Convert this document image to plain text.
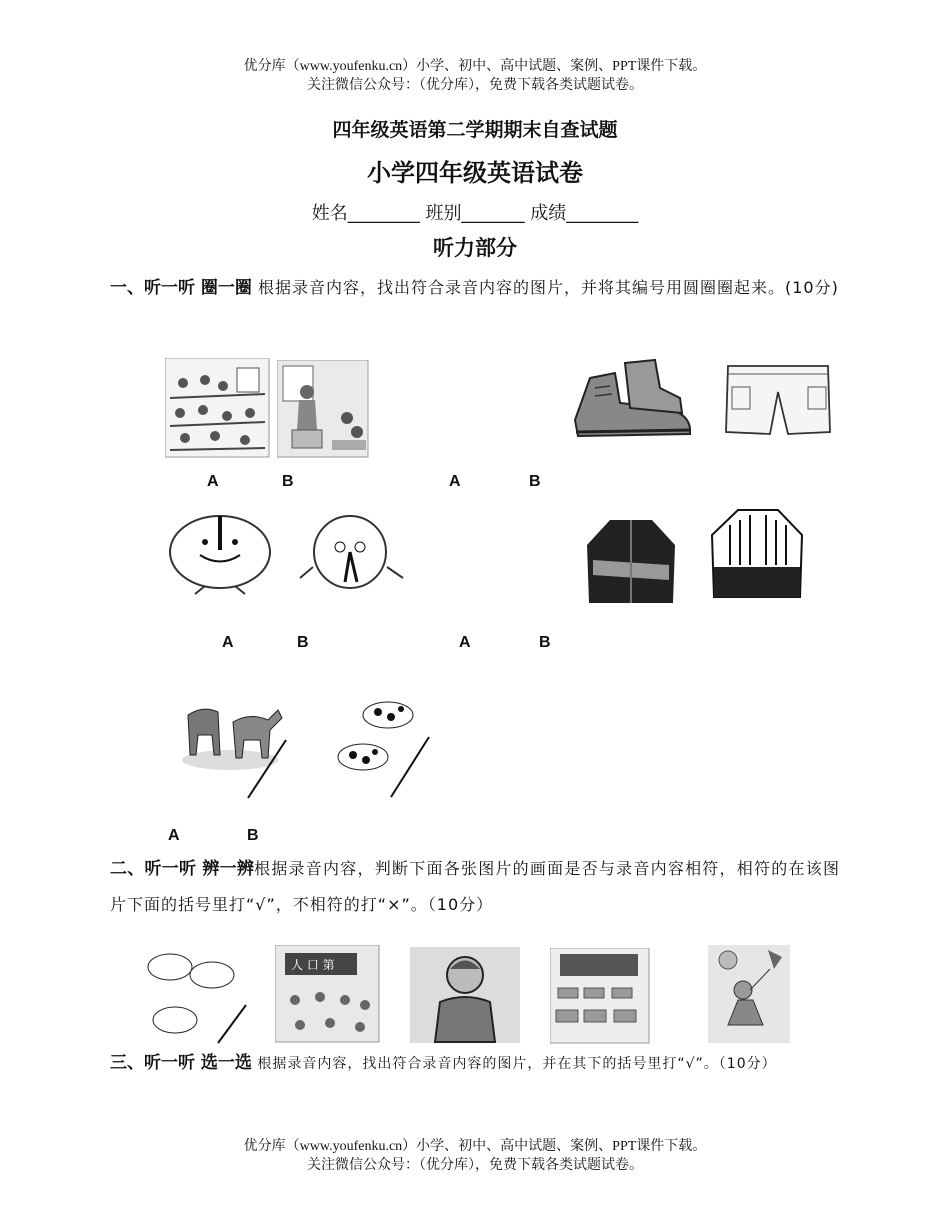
优分库（www.youfenku.cn）小学、初中、高中试题、案例、PPT课件下载。
关注微信公众号：（优分库），免费下载各类试题试卷。
四年级英语第二学期期末自查试题
小学四年级英语试卷
姓名________ 班别_______ 成绩________
听力部分
一、听一听 圈一圈 根据录音内容，找出符合录音内容的图片，并将其编号用圆圈圈起来。(10分)
A	B	A	B
A	B	A	B
A	B
二、听一听 辨一辨根据录音内容，判断下面各张图片的画面是否与录音内容相符，相符的在该图片下面的括号里打“√”，不相符的打“×”。（10分）
人 口 第
三、听一听 选一选 根据录音内容，找出符合录音内容的图片，并在其下的括号里打“√”。（10分）
优分库（www.youfenku.cn）小学、初中、高中试题、案例、PPT课件下载。
关注微信公众号：（优分库），免费下载各类试题试卷。
